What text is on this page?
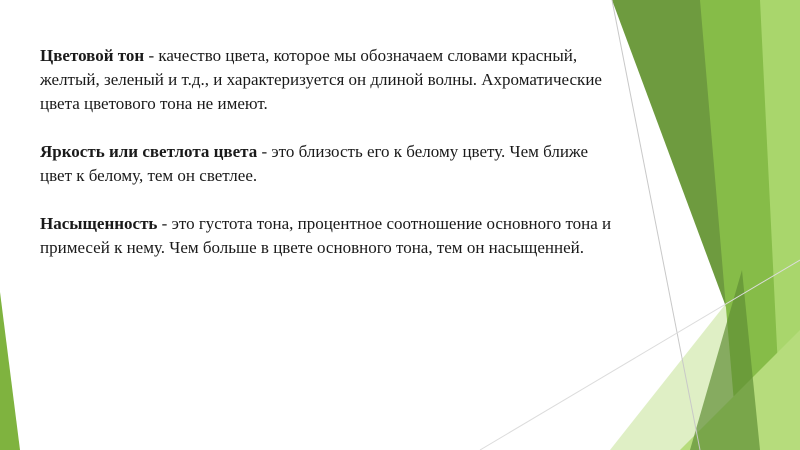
Цветовой тон - качество цвета, которое мы обозначаем словами красный, желтый, зеленый и т.д., и характеризуется он длиной волны. Ахроматические цвета цветового тона не имеют.

Яркость или светлота цвета - это близость его к белому цвету. Чем ближе цвет к белому, тем он светлее.

Насыщенность - это густота тона, процентное соотношение основного тона и примесей к нему. Чем больше в цвете основного тона, тем он насыщенней.
